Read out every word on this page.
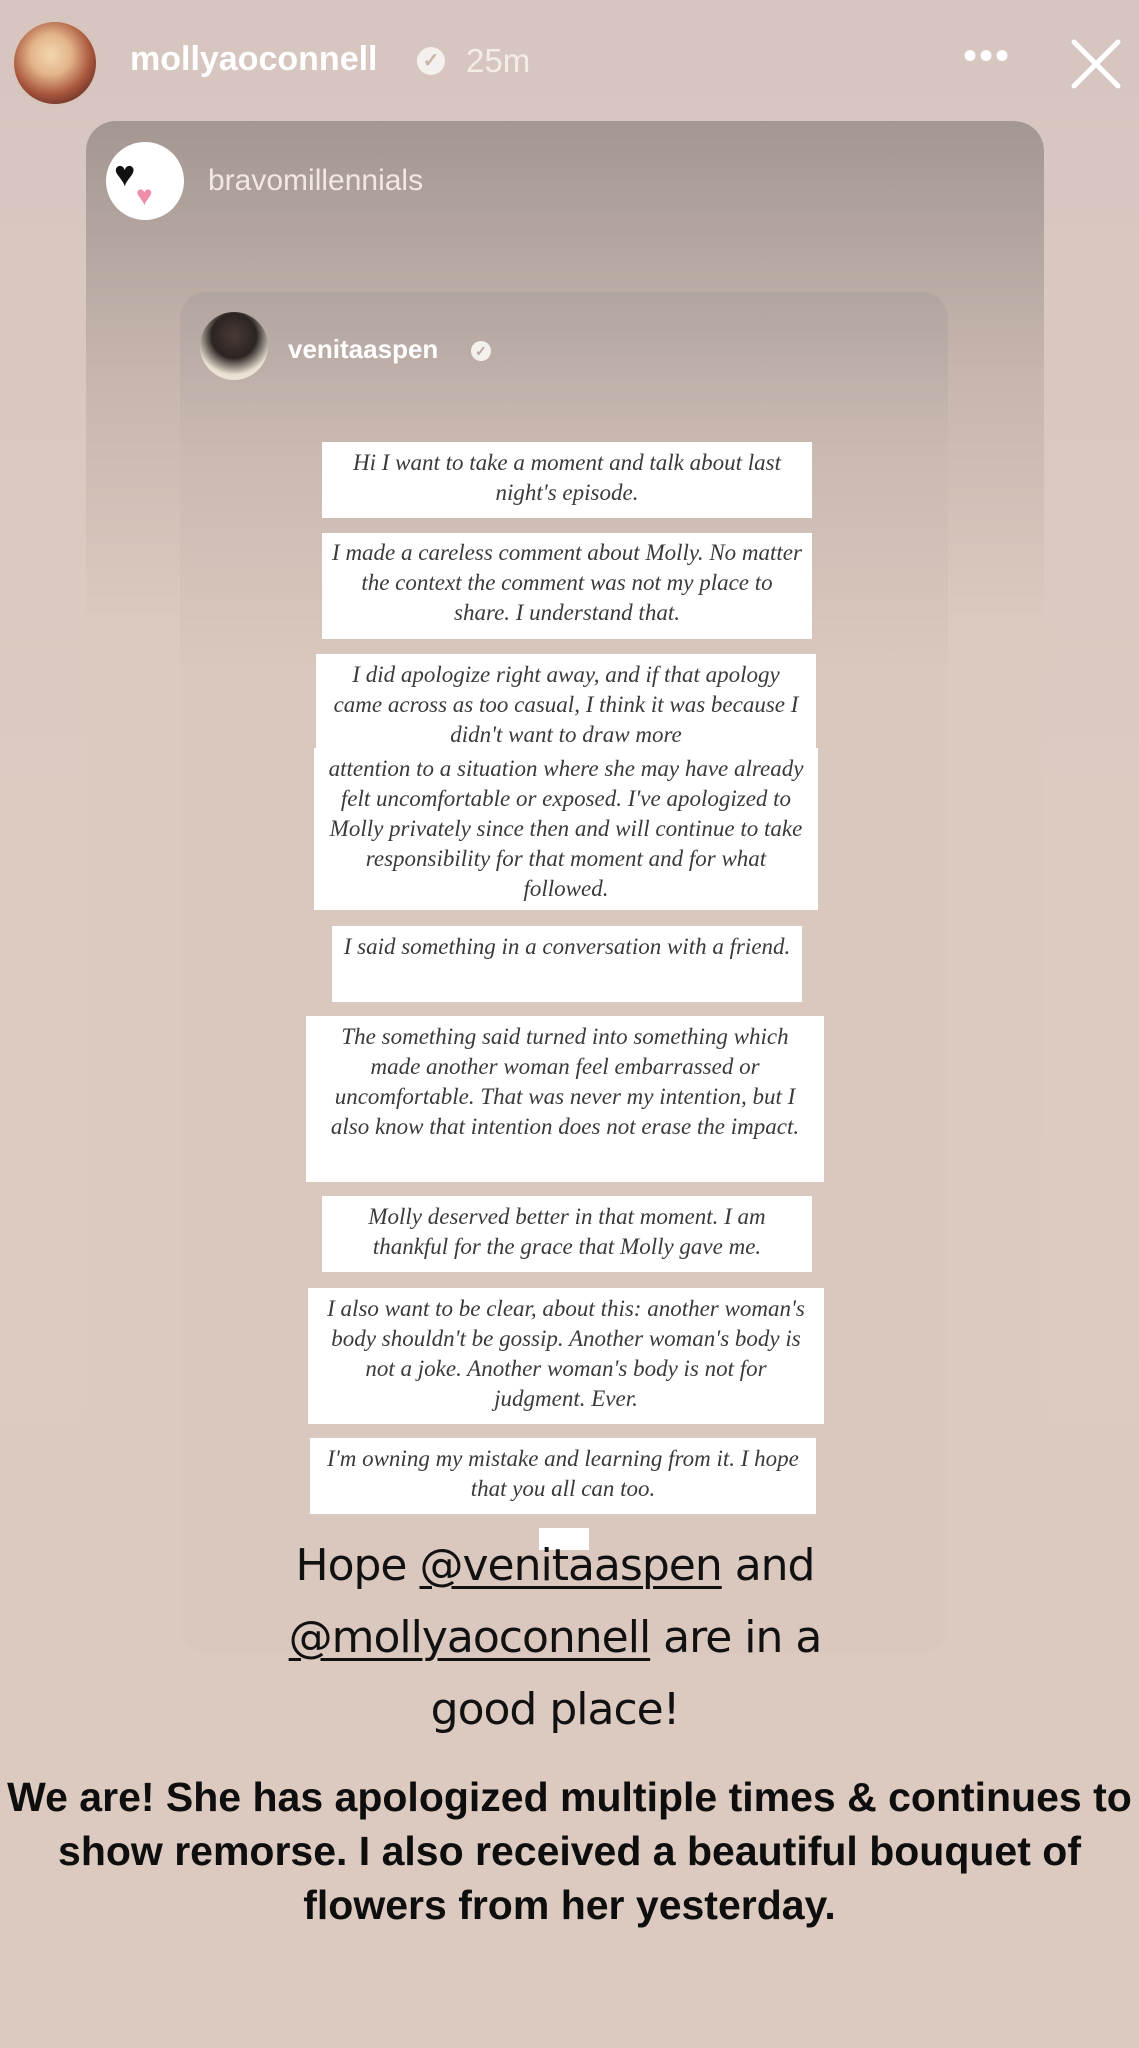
mollyaoconnell ✓ 25m	•••
♥
♥ bravomillennials
venitaaspen	✓
Hi I want to take a moment and talk about last night's episode.
I made a careless comment about Molly. No matter the context the comment was not my place to share. I understand that.
I did apologize right away, and if that apology came across as too casual, I think it was because I didn't want to draw more
attention to a situation where she may have already felt uncomfortable or exposed. I've apologized to Molly privately since then and will continue to take responsibility for that moment and for what followed.
I said something in a conversation with a friend.
The something said turned into something which made another woman feel embarrassed or uncomfortable. That was never my intention, but I also know that intention does not erase the impact.
Molly deserved better in that moment. I am thankful for the grace that Molly gave me.
I also want to be clear, about this: another woman's body shouldn't be gossip. Another woman's body is not a joke. Another woman's body is not for judgment. Ever.
I'm owning my mistake and learning from it. I hope that you all can too.
Hope @venitaaspen and @mollyaoconnell are in a good place!
We are! She has apologized multiple times & continues to show remorse. I also received a beautiful bouquet of flowers from her yesterday.
